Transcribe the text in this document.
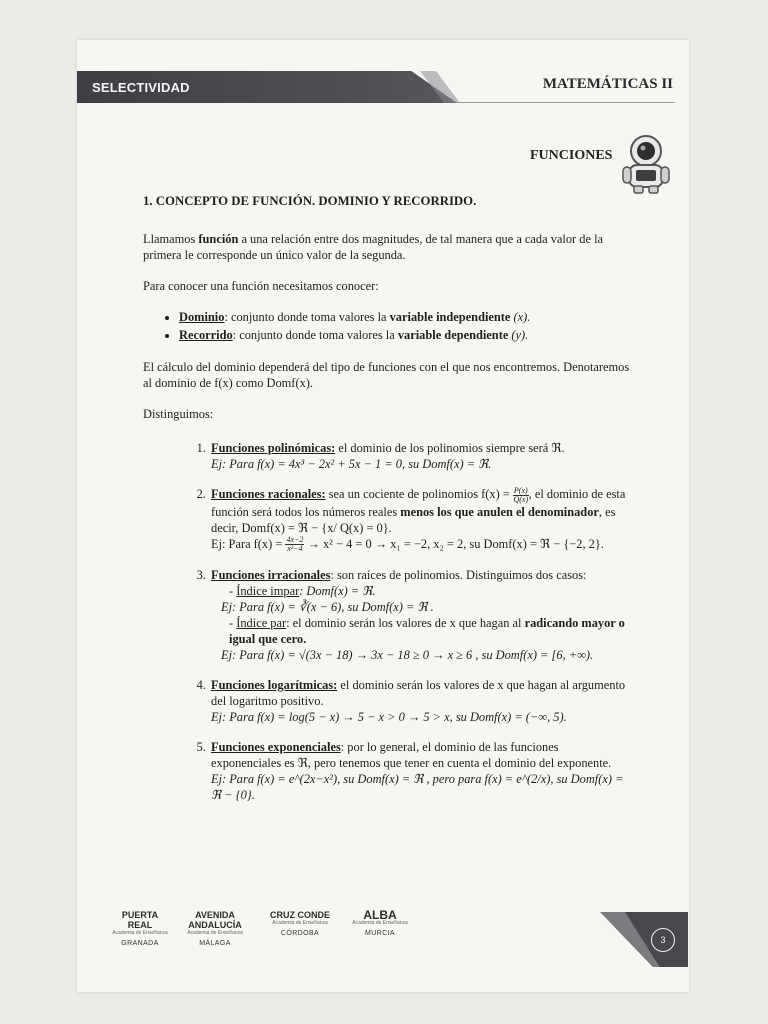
SELECTIVIDAD	MATEMÁTICAS II
FUNCIONES
1. CONCEPTO DE FUNCIÓN. DOMINIO Y RECORRIDO.

Llamamos función a una relación entre dos magnitudes, de tal manera que a cada valor de la primera le corresponde un único valor de la segunda.

Para conocer una función necesitamos conocer:

• Dominio: conjunto donde toma valores la variable independiente (x).
• Recorrido: conjunto donde toma valores la variable dependiente (y).

El cálculo del dominio dependerá del tipo de funciones con el que nos encontremos. Denotaremos al dominio de f(x) como Domf(x).

Distinguimos:

1. Funciones polinómicas: el dominio de los polinomios siempre será ℜ.
Ej: Para f(x) = 4x³ − 2x² + 5x − 1 = 0, su Domf(x) = ℜ.
2. Funciones racionales: sea un cociente de polinomios $f(x) = \frac{P(x)}{Q(x)}$ , el dominio de esta función será todos los números reales menos los que anulen el denominador, es decir, Domf(x) = ℜ − {x/ Q(x) = 0}.
Ej: Para $f(x) = \frac{4x-2}{\text{x²−4}} \to x^2 - 4 = 0 \to x_1 = -2$, x₂ = 2, su Domf(x) = ℜ − {−2, 2}.
3. Funciones irracionales: son raíces de polinomios. Distinguimos dos casos:
- Índice impar: Domf(x) = ℜ.
Ej: Para f(x) = ∛(x − 6), su Domf(x) = ℜ .
- Índice par: el dominio serán los valores de x que hagan al radicando mayor o igual que cero.
Ej: Para f(x) = √(3x − 18) → 3x − 18 ≥ 0 → x ≥ 6 , su Domf(x) = [6, +∞).
4. Funciones logarítmicas: el dominio serán los valores de x que hagan al argumento del logaritmo positivo.
Ej: Para f(x) = log(5 − x) → 5 − x > 0 → 5 > x, su Domf(x) = (−∞, 5).
5. Funciones exponenciales: por lo general, el dominio de las funciones exponenciales es ℜ, pero tenemos que tener en cuenta el dominio del exponente.
Ej: Para f(x) = e^(2x−x²), su Domf(x) = ℜ , pero para f(x) = e^(2/x), su Domf(x) = ℜ − {0}.
PUERTA REAL
Academia de Enseñanza
GRANADA
AVENIDA ANDALUCÍA
Academia de Enseñanza
MÁLAGA
CRUZ CONDE
Academia de Enseñanza
CÓRDOBA
ALBA
Academia de Enseñanza
MURCIA
3
